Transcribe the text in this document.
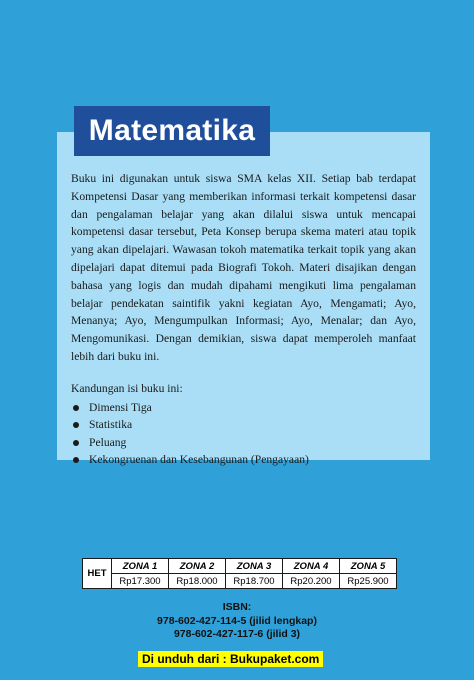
Matematika

Buku ini digunakan untuk siswa SMA kelas XII. Setiap bab terdapat Kompetensi Dasar yang memberikan informasi terkait kompetensi dasar dan pengalaman belajar yang akan dilalui siswa untuk mencapai kompetensi dasar tersebut, Peta Konsep berupa skema materi atau topik yang akan dipelajari. Wawasan tokoh matematika terkait topik yang akan dipelajari dapat ditemui pada Biografi Tokoh. Materi disajikan dengan bahasa yang logis dan mudah dipahami mengikuti lima pengalaman belajar pendekatan saintifik yakni kegiatan Ayo, Mengamati; Ayo, Menanya; Ayo, Mengumpulkan Informasi; Ayo, Menalar; dan Ayo, Mengomunikasi. Dengan demikian, siswa dapat memperoleh manfaat lebih dari buku ini.

Kandungan isi buku ini:

Dimensi Tiga
Statistika
Peluang
Kekongruenan dan Kesebangunan (Pengayaan)
HET	ZONA 1	ZONA 2	ZONA 3	ZONA 4	ZONA 5
	Rp17.300	Rp18.000	Rp18.700	Rp20.200	Rp25.900
ISBN:
978-602-427-114-5 (jilid lengkap)
978-602-427-117-6 (jilid 3)
Di unduh dari : Bukupaket.com
